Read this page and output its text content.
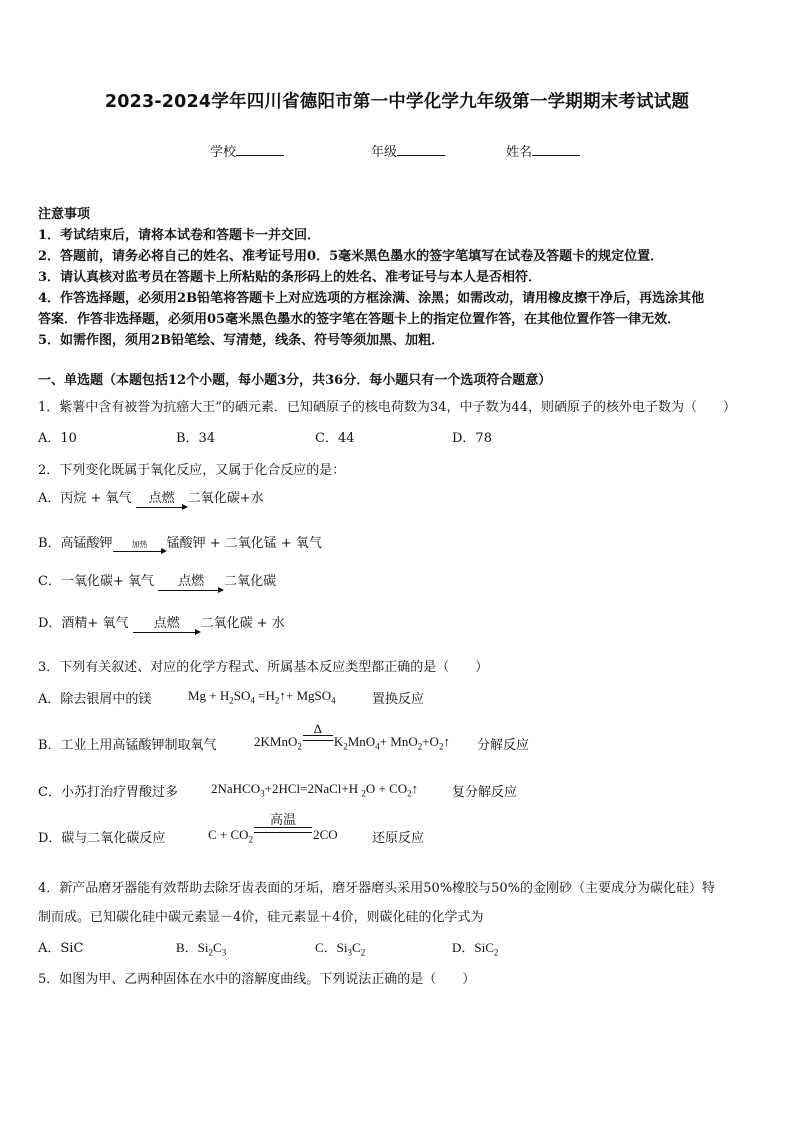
2023-2024学年四川省德阳市第一中学化学九年级第一学期期末考试试题
学校	年级	姓名
注意事项
1．考试结束后，请将本试卷和答题卡一并交回．
2．答题前，请务必将自己的姓名、准考证号用0．5毫米黑色墨水的签字笔填写在试卷及答题卡的规定位置．
3．请认真核对监考员在答题卡上所粘贴的条形码上的姓名、准考证号与本人是否相符．
4．作答选择题，必须用2B铅笔将答题卡上对应选项的方框涂满、涂黑；如需改动，请用橡皮擦干净后，再选涂其他
答案．作答非选择题，必须用05毫米黑色墨水的签字笔在答题卡上的指定位置作答，在其他位置作答一律无效．
5．如需作图，须用2B铅笔绘、写清楚，线条、符号等须加黑、加粗．
一、单选题（本题包括12个小题，每小题3分，共36分．每小题只有一个选项符合题意）
1．紫薯中含有被誉为抗癌大王”的硒元素．已知硒原子的核电荷数为34，中子数为44，则硒原子的核外电子数为（　　）
A．10	B．34	C．44	D．78
2．下列变化既属于氧化反应，又属于化合反应的是：
A．丙烷 + 氧气	点燃	二氧化碳+水
B．高锰酸钾	加热	锰酸钾 + 二氧化锰 + 氧气
C．一氧化碳+ 氧气	点燃	二氧化碳
D．酒精+ 氧气	点燃	二氧化碳 + 水
3．下列有关叙述、对应的化学方程式、所属基本反应类型都正确的是（　　）
A．除去银屑中的镁	$Mg + H_2SO_4$ $=H_2↑+$ MgSO$_4$	置换反应
B．工业上用高锰酸钾制取氧气	2KMnO$_2$
Δ
$K_2MnO_4+$ $MnO_2+O_2↑$ 分解反应
C．小苏打治疗胃酸过多	2NaHCO$_3$+2HCl=2NaCl+H $_2O + CO_2↑$	复分解反应
D．碳与二氧化碳反应	$C + CO_2$
高温
2CO	还原反应
4．新产品磨牙器能有效帮助去除牙齿表面的牙垢，磨牙器磨头采用50%橡胶与50%的金刚砂（主要成分为碳化硅）特
制而成。已知碳化硅中碳元素显－4价，硅元素显＋4价，则碳化硅的化学式为
A．SiC	B．$Si_2C_3$	C．$Si_3C_2$	D．SiC$_2$
5．如图为甲、乙两种固体在水中的溶解度曲线。下列说法正确的是（　　）
